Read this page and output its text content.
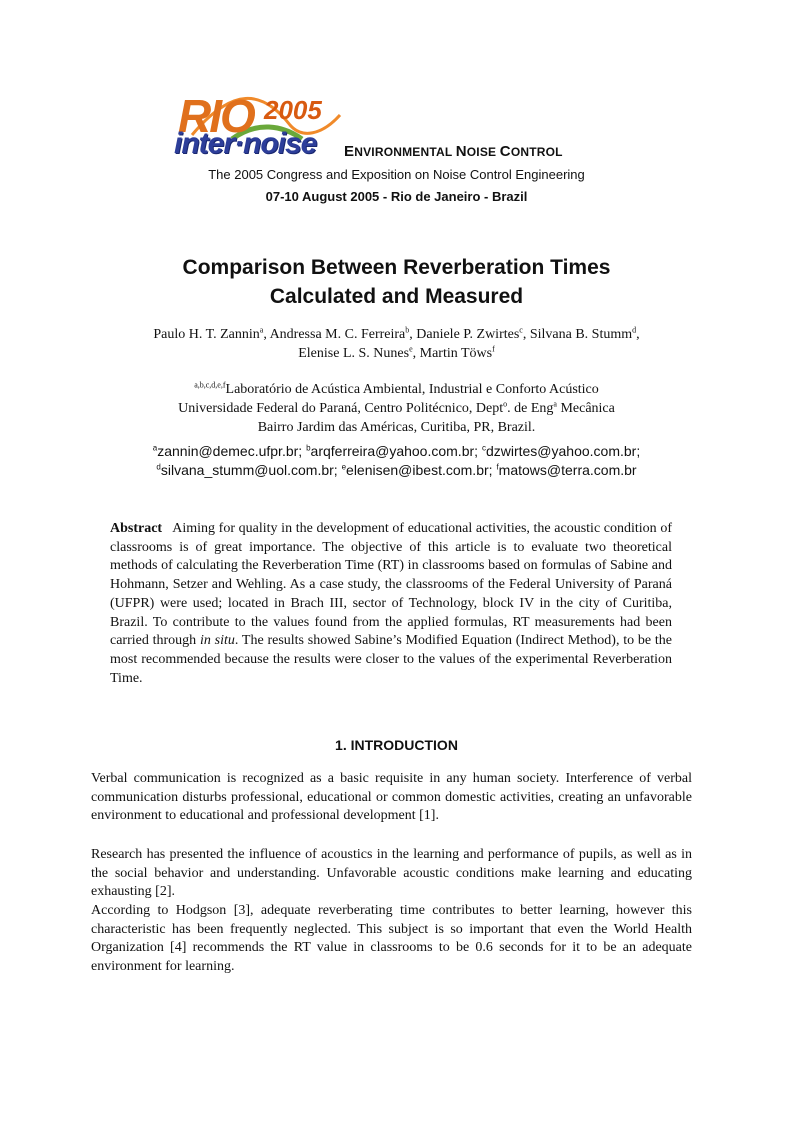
RIO 2005
inter·noise ENVIRONMENTAL NOISE CONTROL
The 2005 Congress and Exposition on Noise Control Engineering
07-10 August 2005 - Rio de Janeiro - Brazil
Comparison Between Reverberation Times
Calculated and Measured
Paulo H. T. Zannin$^a$, Andressa M. C. Ferreira$^b$, Daniele P. Zwirtes$^c$, Silvana B. Stumm$^d$,
Elenise L. S. Nunes$^e$, Martin Töws$^f$
$^{a,b,c,d,e,f}$Laboratório de Acústica Ambiental, Industrial e Conforto Acústico
Universidade Federal do Paraná, Centro Politécnico, Dept$^o$. de Eng$^a$ Mecânica
Bairro Jardim das Américas, Curitiba, PR, Brazil.
$^a$zannin@demec.ufpr.br; $^b$arqferreira@yahoo.com.br; $^c$dzwirtes@yahoo.com.br;
$^d$silvana_stumm@uol.com.br; $^e$elenisen@ibest.com.br; $^f$matows@terra.com.br
Abstract Aiming for quality in the development of educational activities, the acoustic condition of classrooms is of great importance. The objective of this article is to evaluate two theoretical methods of calculating the Reverberation Time (RT) in classrooms based on formulas of Sabine and Hohmann, Setzer and Wehling. As a case study, the classrooms of the Federal University of Paraná (UFPR) were used; located in Brach III, sector of Technology, block IV in the city of Curitiba, Brazil. To contribute to the values found from the applied formulas, RT measurements had been carried through in situ. The results showed Sabine’s Modified Equation (Indirect Method), to be the most recommended because the results were closer to the values of the experimental Reverberation Time.
1. INTRODUCTION

Verbal communication is recognized as a basic requisite in any human society. Interference of verbal communication disturbs professional, educational or common domestic activities, creating an unfavorable environment to educational and professional development [1].

Research has presented the influence of acoustics in the learning and performance of pupils, as well as in the social behavior and understanding. Unfavorable acoustic conditions make learning and educating exhausting [2].

According to Hodgson [3], adequate reverberating time contributes to better learning, however this characteristic has been frequently neglected. This subject is so important that even the World Health Organization [4] recommends the RT value in classrooms to be 0.6 seconds for it to be an adequate environment for learning.
